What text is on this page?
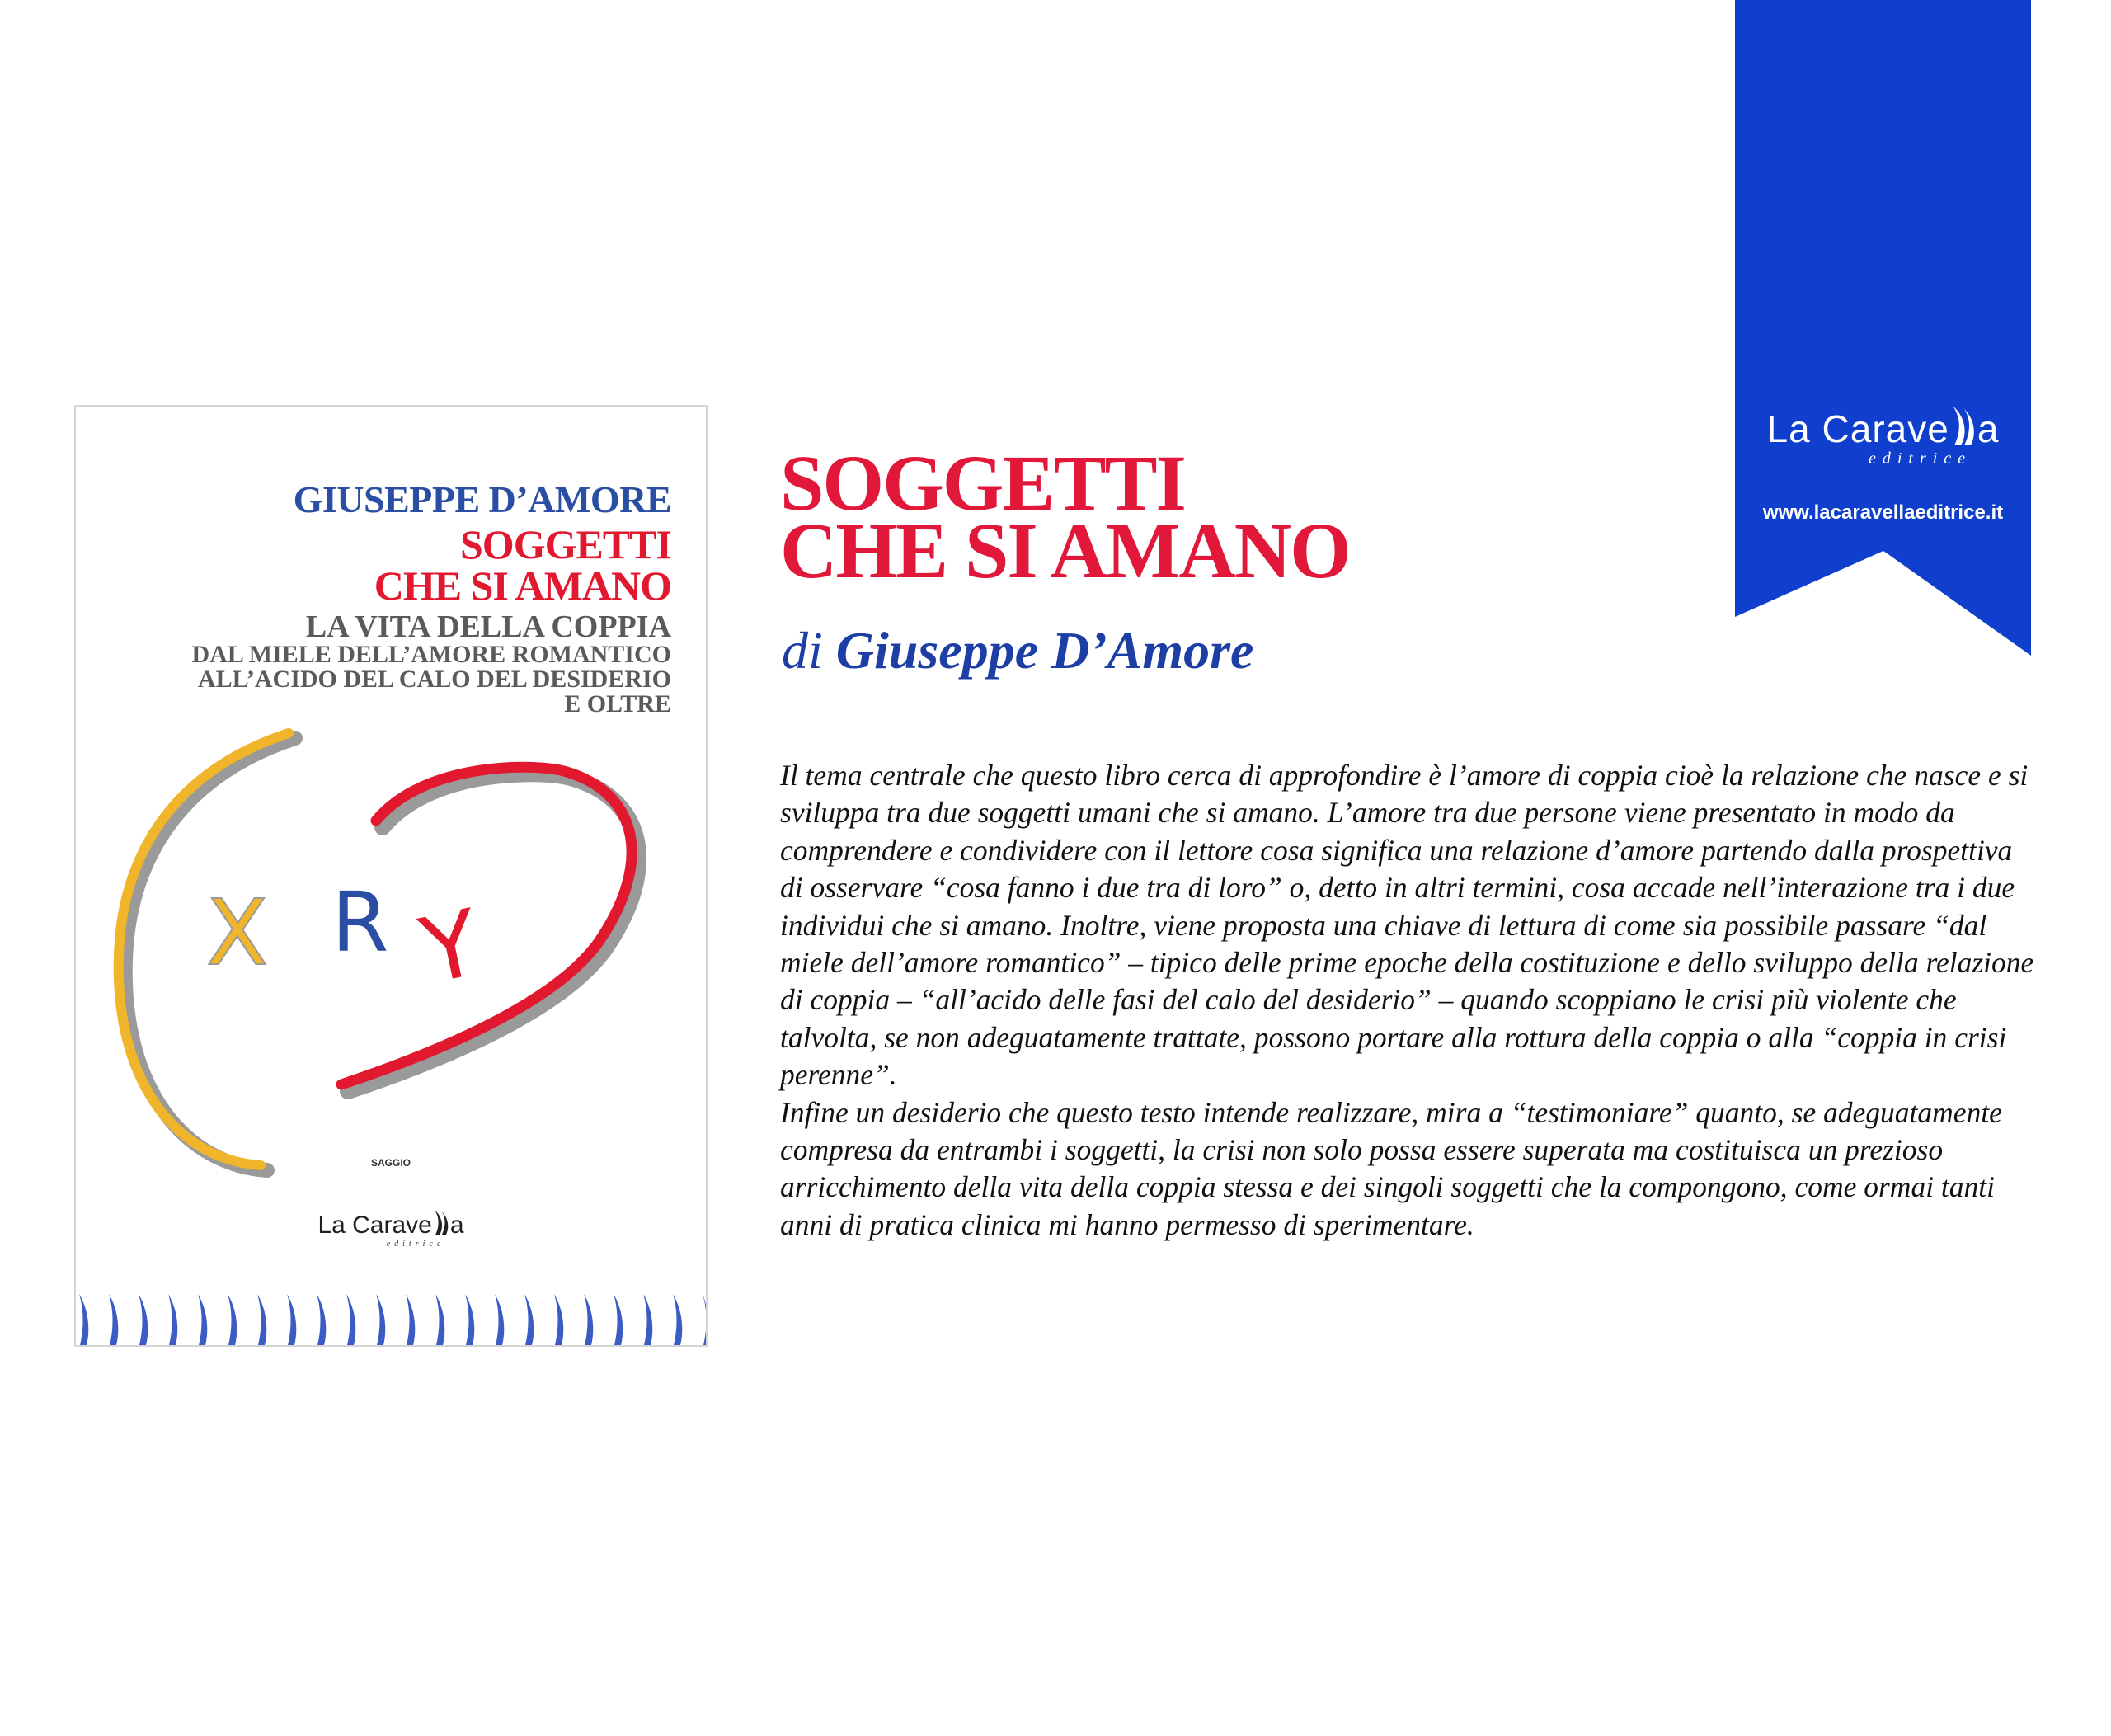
La Carave a
editrice
www.lacaravellaeditrice.it
GIUSEPPE D’AMORE
SOGGETTI
CHE SI AMANO
LA VITA DELLA COPPIA
DAL MIELE DELL’AMORE ROMANTICO
ALL’ACIDO DEL CALO DEL DESIDERIO
E OLTRE
X R Y
SAGGIO
La Carave a
editrice
SOGGETTI
CHE SI AMANO
di Giuseppe D’Amore

Il tema centrale che questo libro cerca di approfondire è l’amore di coppia cioè la relazione che nasce e si sviluppa tra due soggetti umani che si amano. L’amore tra due persone viene presentato in modo da comprendere e condividere con il lettore cosa significa una relazione d’amore partendo dalla prospettiva di osservare “cosa fanno i due tra di loro” o, detto in altri termini, cosa accade nell’interazione tra i due individui che si amano. Inoltre, viene proposta una chiave di lettura di come sia possibile passare “dal miele dell’amore romantico” – tipico delle prime epoche della costituzione e dello sviluppo della relazione di coppia – “all’acido delle fasi del calo del desiderio” – quando scoppiano le crisi più violente che talvolta, se non adeguatamente trattate, possono portare alla rottura della coppia o alla “coppia in crisi perenne”.

Infine un desiderio che questo testo intende realizzare, mira a “testimoniare” quanto, se adeguatamente compresa da entrambi i soggetti, la crisi non solo possa essere superata ma costituisca un prezioso arricchimento della vita della coppia stessa e dei singoli soggetti che la compongono, come ormai tanti anni di pratica clinica mi hanno permesso di sperimentare.
